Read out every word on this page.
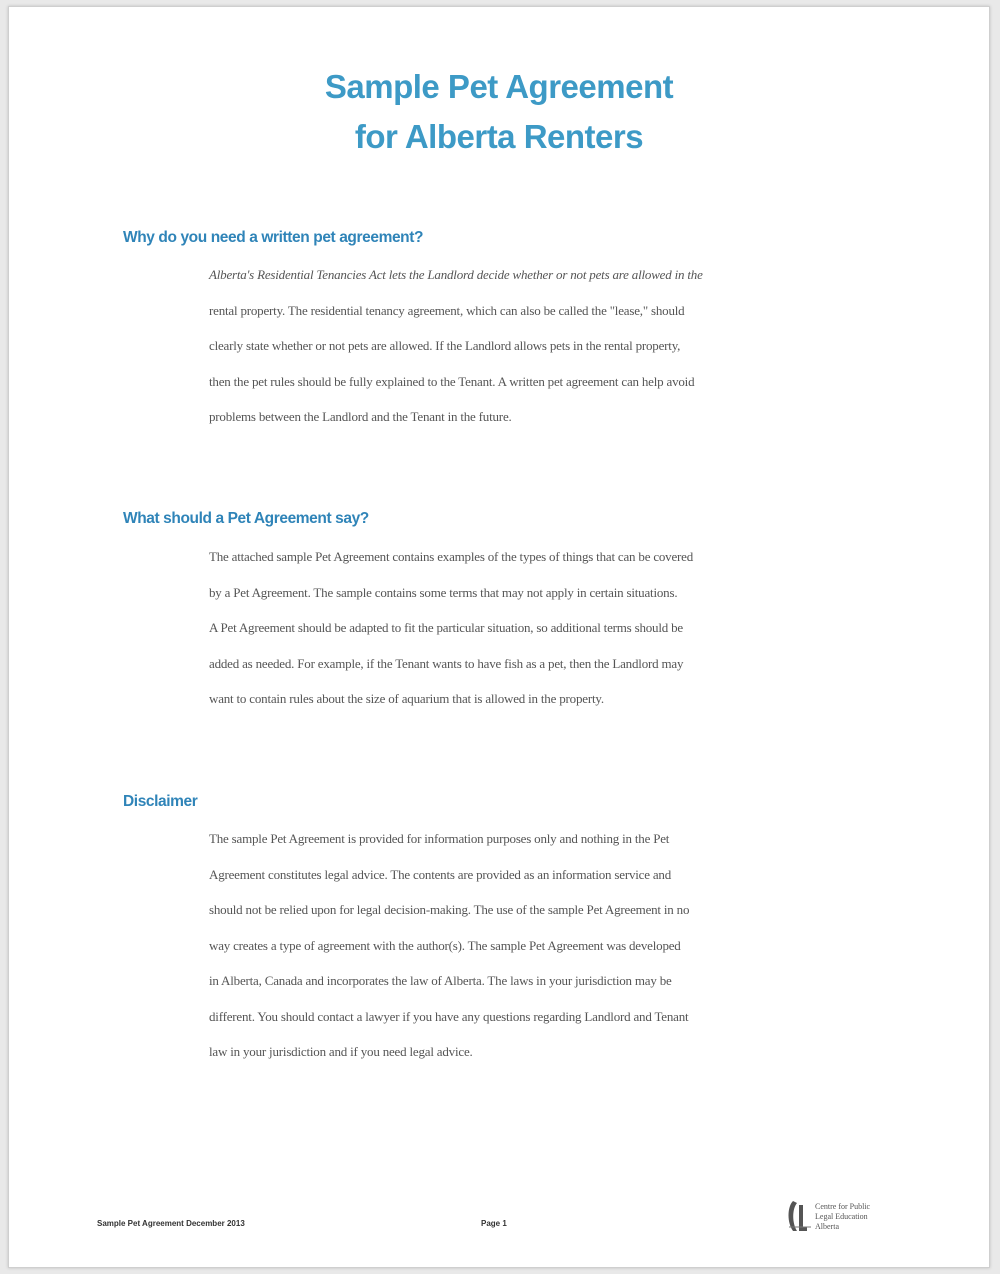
Sample Pet Agreement
for Alberta Renters
Why do you need a written pet agreement?
Alberta's Residential Tenancies Act lets the Landlord decide whether or not pets are allowed in the
rental property. The residential tenancy agreement, which can also be called the "lease," should
clearly state whether or not pets are allowed. If the Landlord allows pets in the rental property,
then the pet rules should be fully explained to the Tenant. A written pet agreement can help avoid
problems between the Landlord and the Tenant in the future.
What should a Pet Agreement say?
The attached sample Pet Agreement contains examples of the types of things that can be covered
by a Pet Agreement. The sample contains some terms that may not apply in certain situations.
A Pet Agreement should be adapted to fit the particular situation, so additional terms should be
added as needed. For example, if the Tenant wants to have fish as a pet, then the Landlord may
want to contain rules about the size of aquarium that is allowed in the property.
Disclaimer
The sample Pet Agreement is provided for information purposes only and nothing in the Pet
Agreement constitutes legal advice. The contents are provided as an information service and
should not be relied upon for legal decision-making. The use of the sample Pet Agreement in no
way creates a type of agreement with the author(s). The sample Pet Agreement was developed
in Alberta, Canada and incorporates the law of Alberta. The laws in your jurisdiction may be
different. You should contact a lawyer if you have any questions regarding Landlord and Tenant
law in your jurisdiction and if you need legal advice.
Sample Pet Agreement December 2013	Page 1
Centre for Public
Legal Education
Alberta
